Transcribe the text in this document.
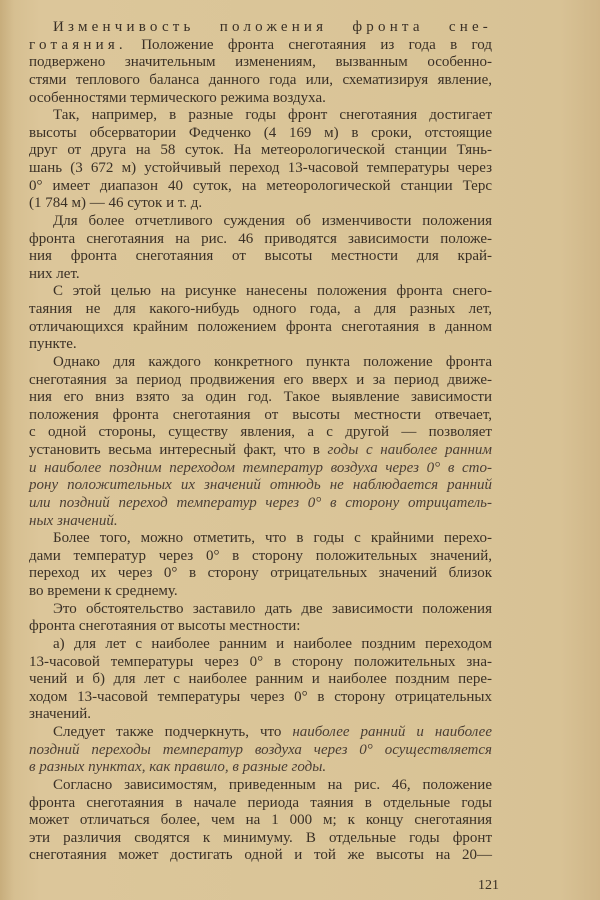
Изменчивость положения фронта сне-
готаяния. Положение фронта снеготаяния из года в год
подвержено значительным изменениям, вызванным особенно-
стями теплового баланса данного года или, схематизируя явление,
особенностями термического режима воздуха.
Так, например, в разные годы фронт снеготаяния достигает
высоты обсерватории Федченко (4 169 м) в сроки, отстоящие
друг от друга на 58 суток. На метеорологической станции Тянь-
шань (3 672 м) устойчивый переход 13-часовой температуры через
0° имеет диапазон 40 суток, на метеорологической станции Терс
(1 784 м) — 46 суток и т. д.
Для более отчетливого суждения об изменчивости положения
фронта снеготаяния на рис. 46 приводятся зависимости положе-
ния фронта снеготаяния от высоты местности для край-
них лет.
С этой целью на рисунке нанесены положения фронта снего-
таяния не для какого-нибудь одного года, а для разных лет,
отличающихся крайним положением фронта снеготаяния в данном
пункте.
Однако для каждого конкретного пункта положение фронта
снеготаяния за период продвижения его вверх и за период движе-
ния его вниз взято за один год. Такое выявление зависимости
положения фронта снеготаяния от высоты местности отвечает,
с одной стороны, существу явления, а с другой — позволяет
установить весьма интересный факт, что в годы с наиболее ранним
и наиболее поздним переходом температур воздуха через 0° в сто-
рону положительных их значений отнюдь не наблюдается ранний
или поздний переход температур через 0° в сторону отрицатель-
ных значений.
Более того, можно отметить, что в годы с крайними перехо-
дами температур через 0° в сторону положительных значений,
переход их через 0° в сторону отрицательных значений близок
во времени к среднему.
Это обстоятельство заставило дать две зависимости положения
фронта снеготаяния от высоты местности:
а) для лет с наиболее ранним и наиболее поздним переходом
13-часовой температуры через 0° в сторону положительных зна-
чений и б) для лет с наиболее ранним и наиболее поздним пере-
ходом 13-часовой температуры через 0° в сторону отрицательных
значений.
Следует также подчеркнуть, что наиболее ранний и наиболее
поздний переходы температур воздуха через 0° осуществляется
в разных пунктах, как правило, в разные годы.
Согласно зависимостям, приведенным на рис. 46, положение
фронта снеготаяния в начале периода таяния в отдельные годы
может отличаться более, чем на 1 000 м; к концу снеготаяния
эти различия сводятся к минимуму. В отдельные годы фронт
снеготаяния может достигать одной и той же высоты на 20—
121
